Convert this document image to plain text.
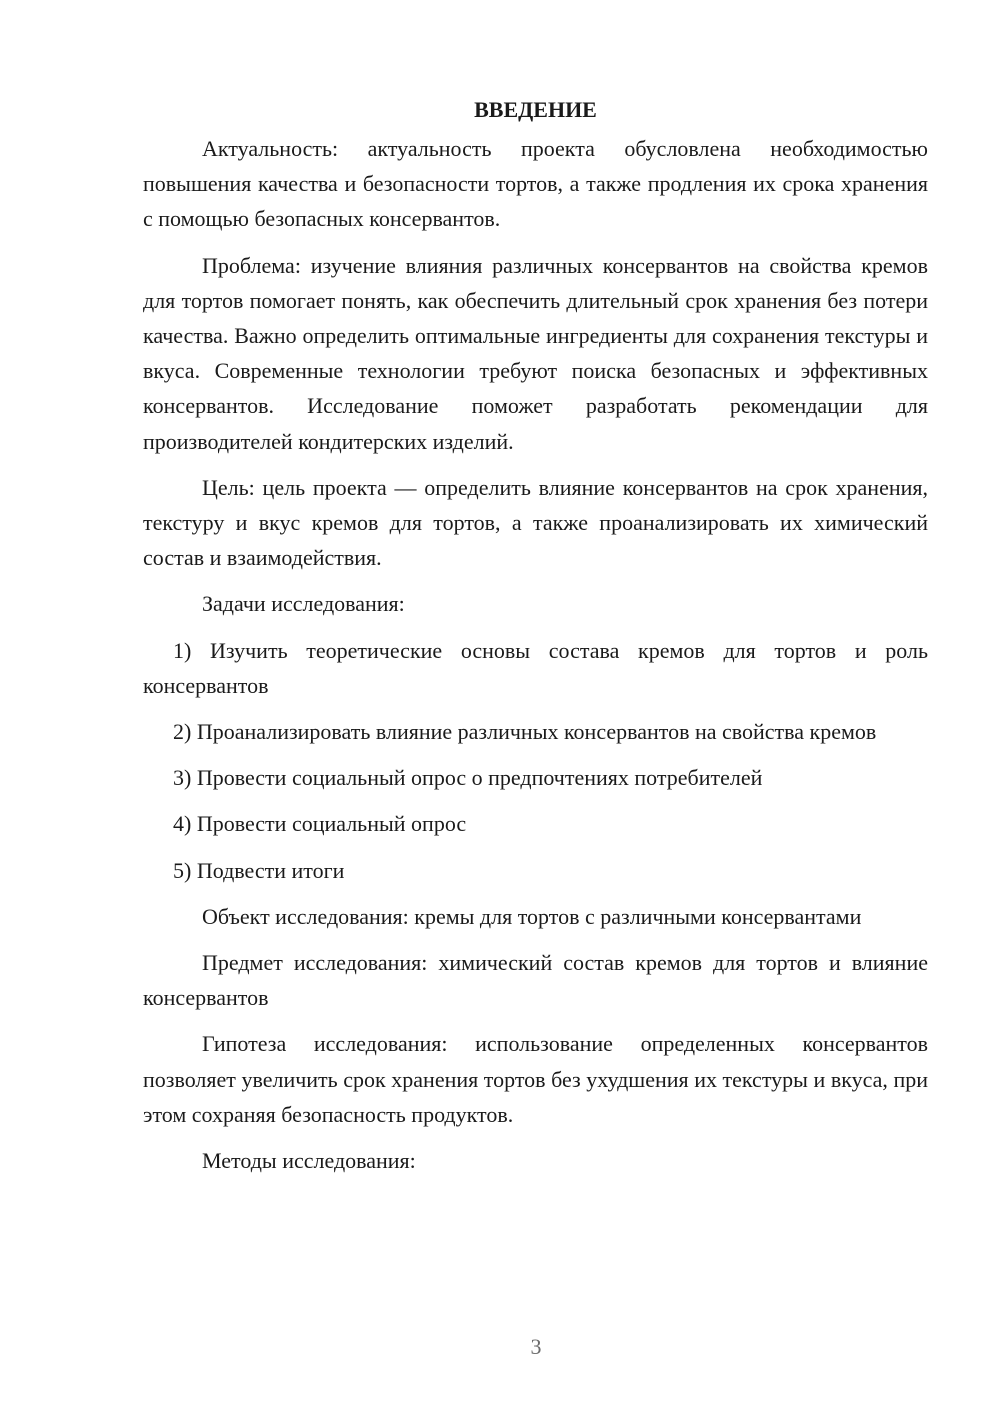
ВВЕДЕНИЕ

Актуальность: актуальность проекта обусловлена необходимостью повышения качества и безопасности тортов, а также продления их срока хранения с помощью безопасных консервантов.

Проблема: изучение влияния различных консервантов на свойства кремов для тортов помогает понять, как обеспечить длительный срок хранения без потери качества. Важно определить оптимальные ингредиенты для сохранения текстуры и вкуса. Современные технологии требуют поиска безопасных и эффективных консервантов. Исследование поможет разработать рекомендации для производителей кондитерских изделий.

Цель: цель проекта — определить влияние консервантов на срок хранения, текстуру и вкус кремов для тортов, а также проанализировать их химический состав и взаимодействия.

Задачи исследования:

1) Изучить теоретические основы состава кремов для тортов и роль консервантов

2) Проанализировать влияние различных консервантов на свойства кремов

3) Провести социальный опрос о предпочтениях потребителей

4) Провести социальный опрос

5) Подвести итоги

Объект исследования: кремы для тортов с различными консервантами

Предмет исследования: химический состав кремов для тортов и влияние консервантов

Гипотеза исследования: использование определенных консервантов позволяет увеличить срок хранения тортов без ухудшения их текстуры и вкуса, при этом сохраняя безопасность продуктов.

Методы исследования:

3
